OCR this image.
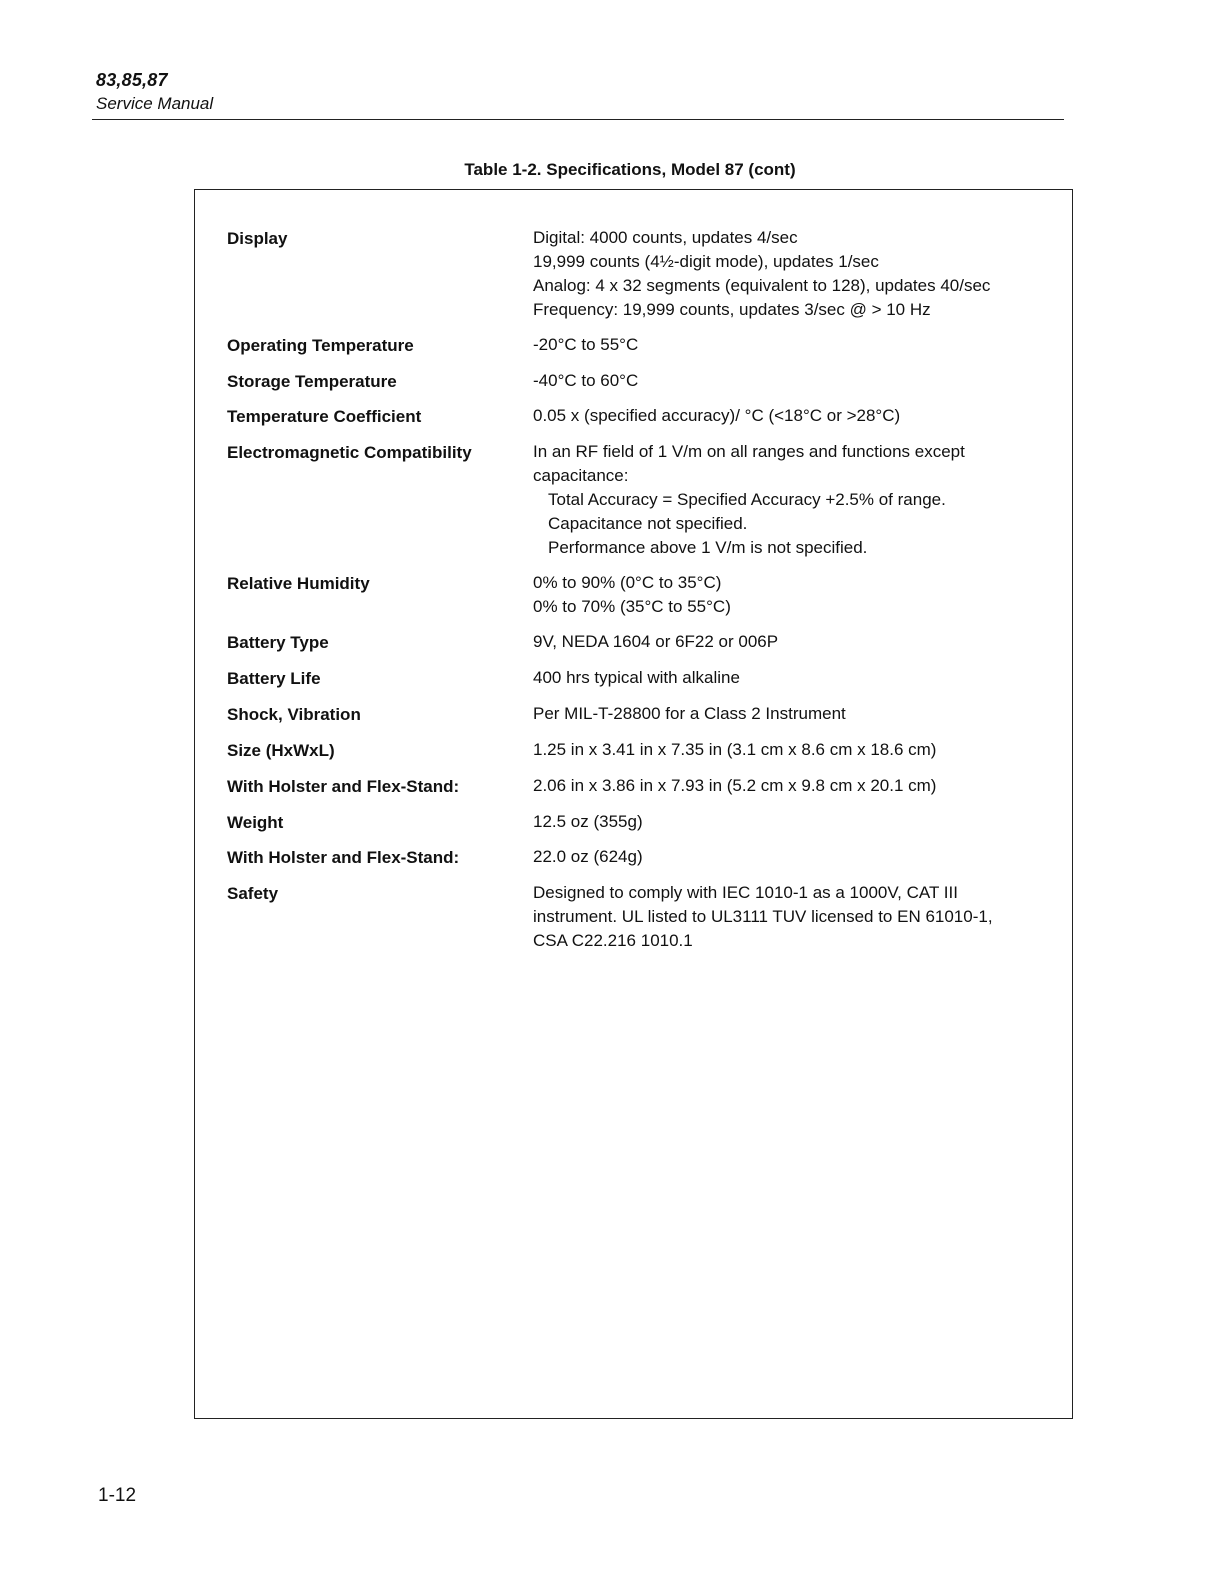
83,85,87
Service Manual
Table 1-2. Specifications, Model 87 (cont)
Display	Digital: 4000 counts, updates 4/sec
19,999 counts (4½-digit mode), updates 1/sec
Analog: 4 x 32 segments (equivalent to 128), updates 40/sec
Frequency: 19,999 counts, updates 3/sec @ > 10 Hz
Operating Temperature	-20°C to 55°C
Storage Temperature	-40°C to 60°C
Temperature Coefficient	0.05 x (specified accuracy)/ °C (<18°C or >28°C)
Electromagnetic Compatibility	In an RF field of 1 V/m on all ranges and functions except
capacitance:
Total Accuracy = Specified Accuracy +2.5% of range.
Capacitance not specified.
Performance above 1 V/m is not specified.
Relative Humidity	0% to 90% (0°C to 35°C)
0% to 70% (35°C to 55°C)
Battery Type	9V, NEDA 1604 or 6F22 or 006P
Battery Life	400 hrs typical with alkaline
Shock, Vibration	Per MIL-T-28800 for a Class 2 Instrument
Size (HxWxL)	1.25 in x 3.41 in x 7.35 in (3.1 cm x 8.6 cm x 18.6 cm)
With Holster and Flex-Stand:	2.06 in x 3.86 in x 7.93 in (5.2 cm x 9.8 cm x 20.1 cm)
Weight	12.5 oz (355g)
With Holster and Flex-Stand:	22.0 oz (624g)
Safety	Designed to comply with IEC 1010-1 as a 1000V, CAT III
instrument. UL listed to UL3111 TUV licensed to EN 61010-1,
CSA C22.216 1010.1
1-12
